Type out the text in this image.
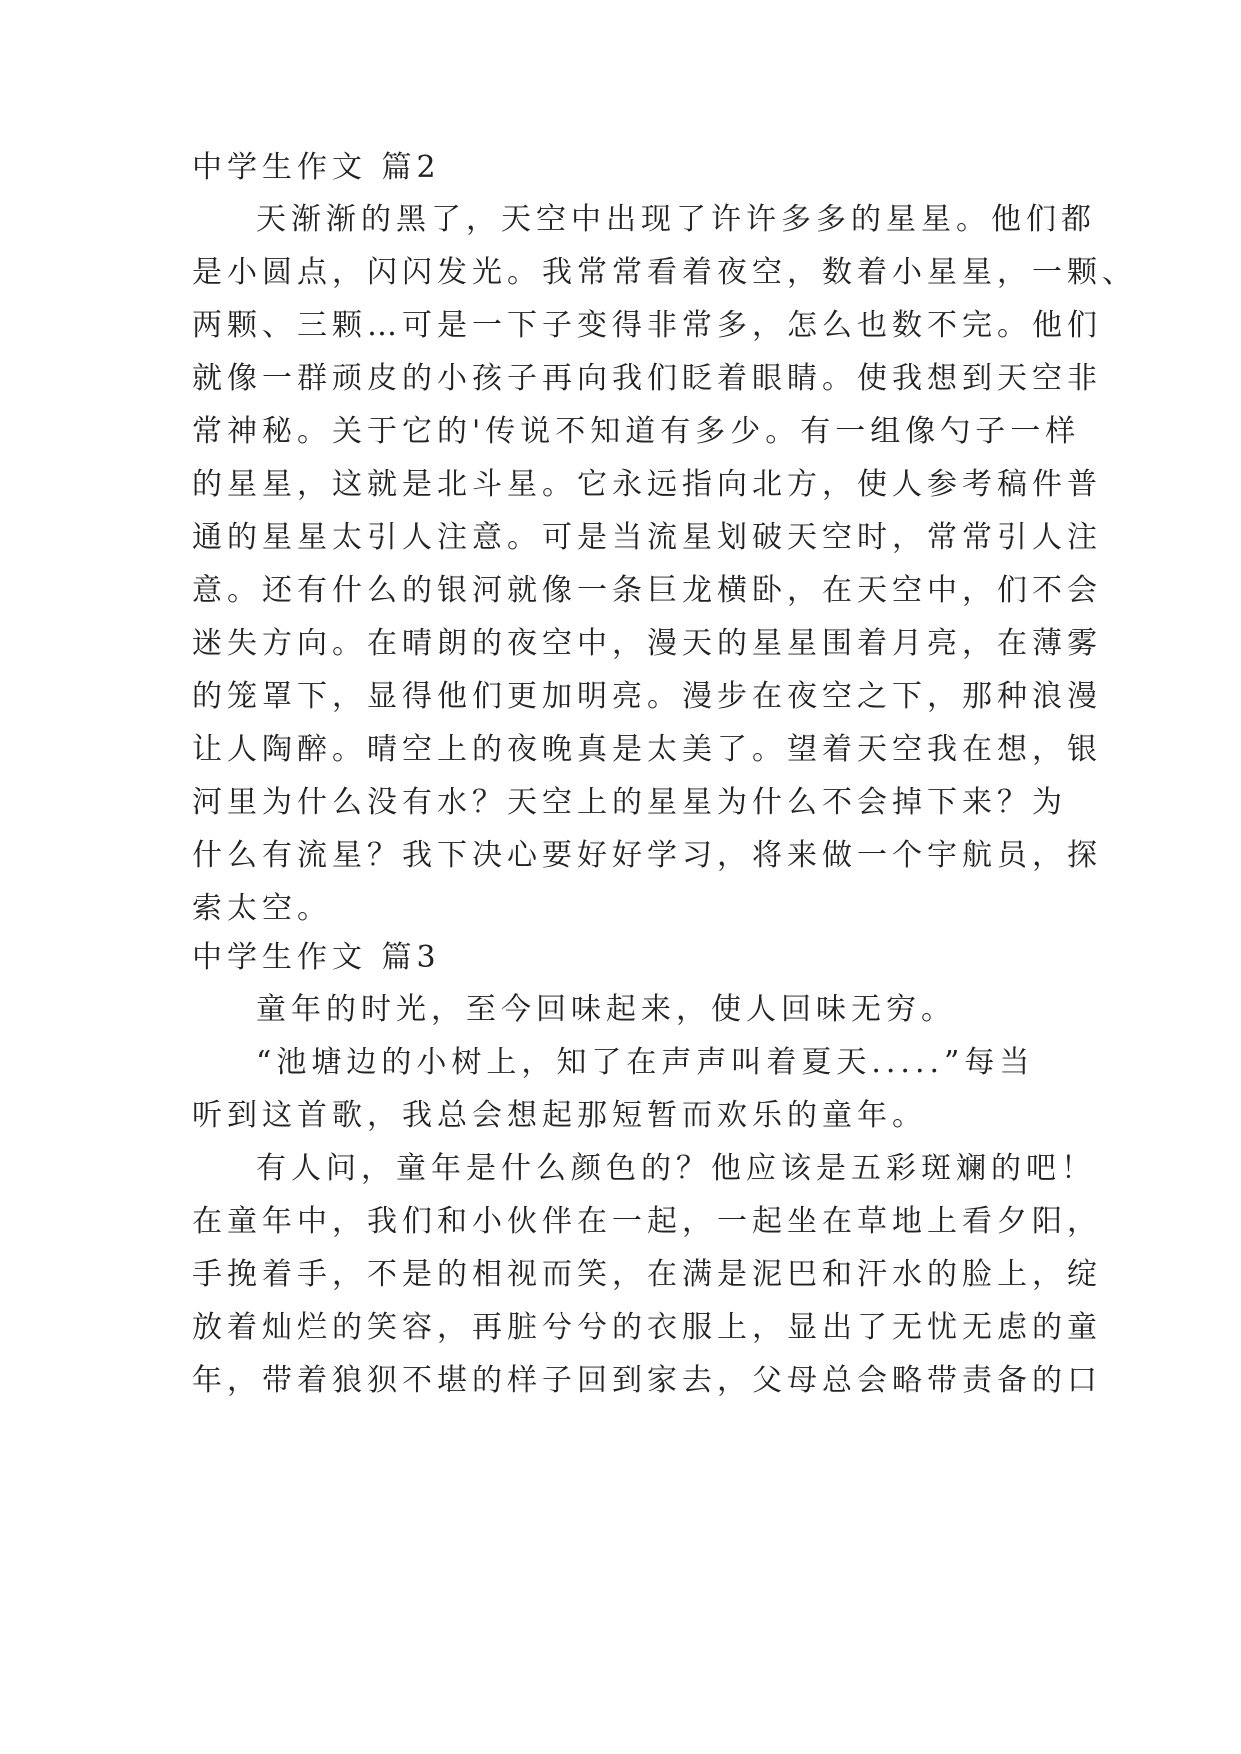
中学生作文 篇2
天渐渐的黑了，天空中出现了许许多多的星星。他们都
是小圆点，闪闪发光。我常常看着夜空，数着小星星，一颗、
两颗、三颗…可是一下子变得非常多，怎么也数不完。他们
就像一群顽皮的小孩子再向我们眨着眼睛。使我想到天空非
常神秘。关于它的'传说不知道有多少。有一组像勺子一样
的星星，这就是北斗星。它永远指向北方，使人参考稿件普
通的星星太引人注意。可是当流星划破天空时，常常引人注
意。还有什么的银河就像一条巨龙横卧，在天空中，们不会
迷失方向。在晴朗的夜空中，漫天的星星围着月亮，在薄雾
的笼罩下，显得他们更加明亮。漫步在夜空之下，那种浪漫
让人陶醉。晴空上的夜晚真是太美了。望着天空我在想，银
河里为什么没有水？天空上的星星为什么不会掉下来？为
什么有流星？我下决心要好好学习，将来做一个宇航员，探
索太空。
中学生作文 篇3
童年的时光，至今回味起来，使人回味无穷。
“池塘边的小树上，知了在声声叫着夏天.....”每当
听到这首歌，我总会想起那短暂而欢乐的童年。
有人问，童年是什么颜色的？他应该是五彩斑斓的吧！
在童年中，我们和小伙伴在一起，一起坐在草地上看夕阳，
手挽着手，不是的相视而笑，在满是泥巴和汗水的脸上，绽
放着灿烂的笑容，再脏兮兮的衣服上，显出了无忧无虑的童
年，带着狼狈不堪的样子回到家去，父母总会略带责备的口
